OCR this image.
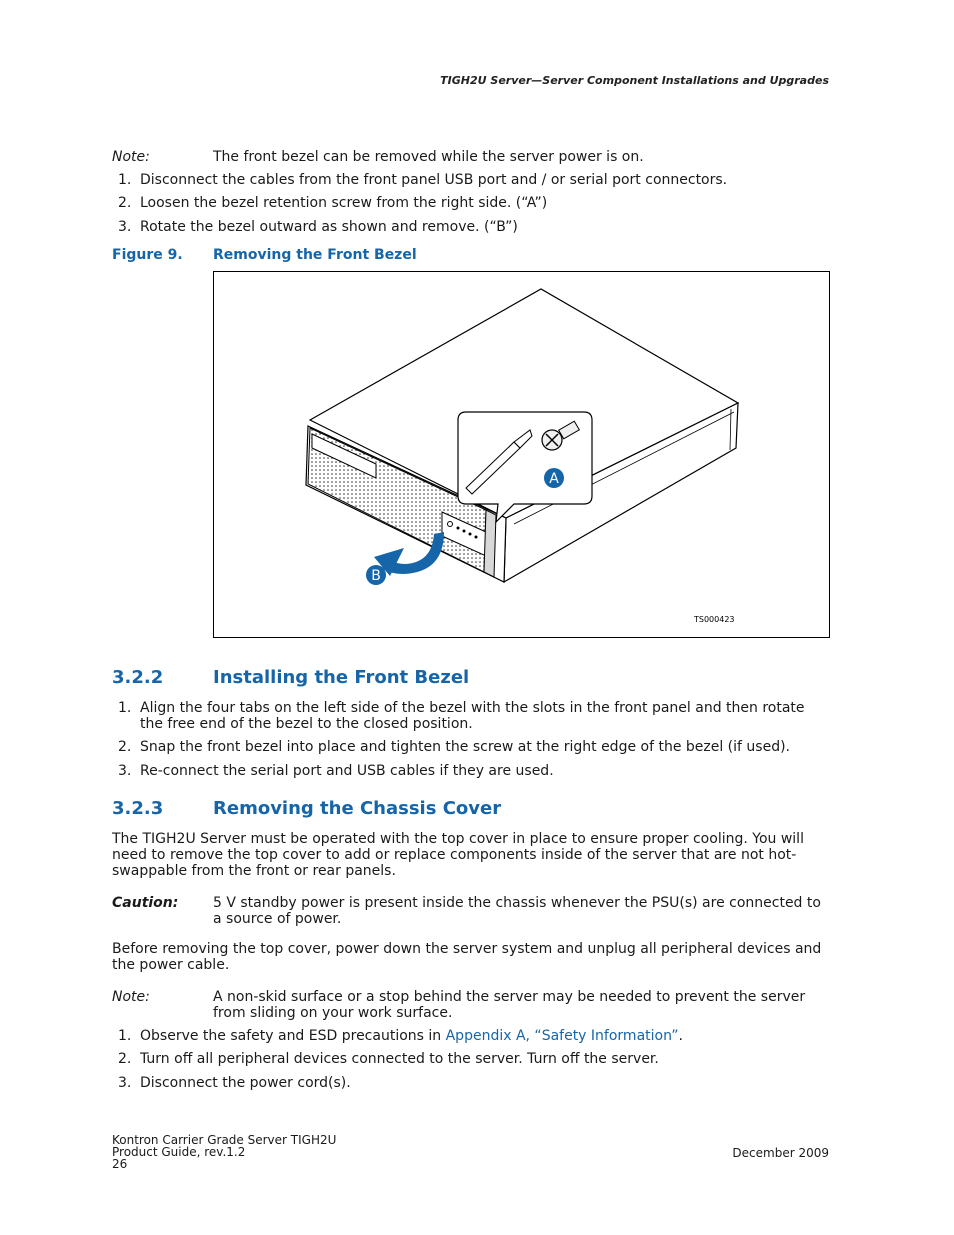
TIGH2U Server—Server Component Installations and Upgrades
Note:	The front bezel can be removed while the server power is on.
1. Disconnect the cables from the front panel USB port and / or serial port connectors.
2. Loosen the bezel retention screw from the right side. (“A”)
3. Rotate the bezel outward as shown and remove. (“B”)
Figure 9. Removing the Front Bezel
A
B
TS000423
3.2.2	Installing the Front Bezel
1. Align the four tabs on the left side of the bezel with the slots in the front panel and then rotate the free end of the bezel to the closed position.
2. Snap the front bezel into place and tighten the screw at the right edge of the bezel (if used).
3. Re-connect the serial port and USB cables if they are used.
3.2.3	Removing the Chassis Cover
The TIGH2U Server must be operated with the top cover in place to ensure proper cooling. You will need to remove the top cover to add or replace components inside of the server that are not hot-swappable from the front or rear panels.
Caution: 5 V standby power is present inside the chassis whenever the PSU(s) are connected to a source of power.
Before removing the top cover, power down the server system and unplug all peripheral devices and the power cable.
Note:	A non-skid surface or a stop behind the server may be needed to prevent the server from sliding on your work surface.
1. Observe the safety and ESD precautions in Appendix A, “Safety Information”.
2. Turn off all peripheral devices connected to the server. Turn off the server.
3. Disconnect the power cord(s).
Kontron Carrier Grade Server TIGH2U
Product Guide, rev.1.2
26
December 2009
